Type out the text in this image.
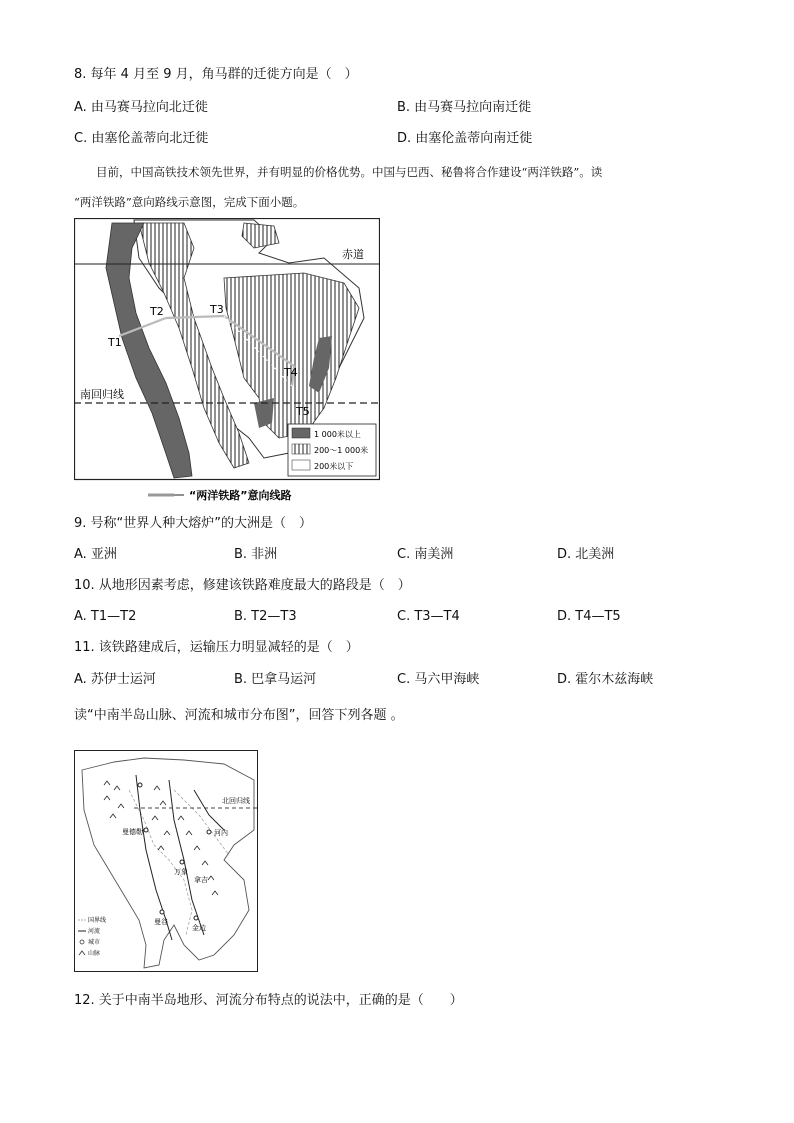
8. 每年 4 月至 9 月，角马群的迁徙方向是（　）
A. 由马赛马拉向北迁徙	B. 由马赛马拉向南迁徙
C. 由塞伦盖蒂向北迁徙	D. 由塞伦盖蒂向南迁徙
目前，中国高铁技术领先世界，并有明显的价格优势。中国与巴西、秘鲁将合作建设“两洋铁路”。读
“两洋铁路”意向路线示意图，完成下面小题。
赤道
南回归线
T1
T2	T3
T4
T5
1 000米以上
200～1 000米
200米以下
“两洋铁路”意向线路
9. 号称“世界人种大熔炉”的大洲是（　）
A. 亚洲	B. 非洲	C. 南美洲	D. 北美洲
10. 从地形因素考虑，修建该铁路难度最大的路段是（　）
A. T1—T2	B. T2—T3	C. T3—T4	D. T4—T5
11. 该铁路建成后，运输压力明显减轻的是（　）
A. 苏伊士运河	B. 巴拿马运河	C. 马六甲海峡	D. 霍尔木兹海峡
读“中南半岛山脉、河流和城市分布图”，回答下列各题 。
北回归线
河内
曼德勒
万象
拿吉
曼谷
金边
国界线
河流
城市
山脉
12. 关于中南半岛地形、河流分布特点的说法中，正确的是（　　）
